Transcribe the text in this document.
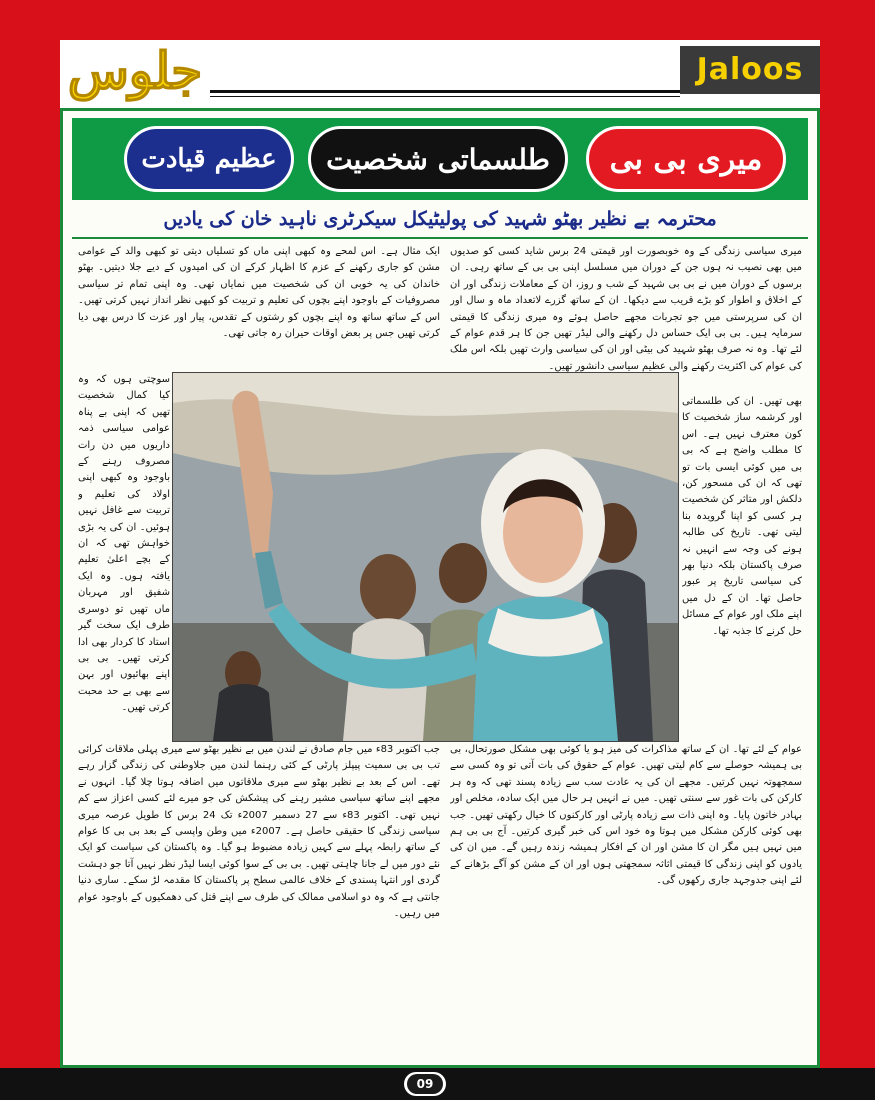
جلوس	Jaloos
عظیم قیادت	طلسماتی شخصیت	میری بی بی
محترمہ بے نظیر بھٹو شہید کی پولیٹیکل سیکرٹری ناہید خان کی یادیں

میری سیاسی زندگی کے وہ خوبصورت اور قیمتی 24 برس شاید کسی کو صدیوں میں بھی نصیب نہ ہوں جن کے دوران میں مسلسل اپنی بی بی کے ساتھ رہی۔ ان برسوں کے دوران میں نے بی بی شہید کے شب و روز، ان کے معاملات زندگی اور ان کے اخلاق و اطوار کو بڑے قریب سے دیکھا۔ ان کے ساتھ گزرے لاتعداد ماہ و سال اور ان کی سرپرستی میں جو تجربات مجھے حاصل ہوئے وہ میری زندگی کا قیمتی سرمایہ ہیں۔ بی بی ایک حساس دل رکھنے والی لیڈر تھیں جن کا ہر قدم عوام کے لئے تھا۔ وہ نہ صرف بھٹو شہید کی بیٹی اور ان کی سیاسی وارث تھیں بلکہ اس ملک کی عوام کی اکثریت رکھنے والی عظیم سیاسی دانشور تھیں۔

ایک مثال ہے۔ اس لمحے وہ کبھی اپنی ماں کو تسلیاں دیتی تو کبھی والد کے عوامی مشن کو جاری رکھنے کے عزم کا اظہار کرکے ان کی امیدوں کے دیے جلا دیتیں۔ بھٹو خاندان کی یہ خوبی ان کی شخصیت میں نمایاں تھی۔ وہ اپنی تمام تر سیاسی مصروفیات کے باوجود اپنے بچوں کی تعلیم و تربیت کو کبھی نظر انداز نہیں کرتی تھیں۔ اس کے ساتھ ساتھ وہ اپنے بچوں کو رشتوں کے تقدس، پیار اور عزت کا درس بھی دیا کرتی تھیں جس پر بعض اوقات حیران رہ جاتی تھی۔

سوچتی ہوں کہ وہ کیا کمال شخصیت تھیں کہ اپنی بے پناہ عوامی سیاسی ذمہ داریوں میں دن رات مصروف رہنے کے باوجود وہ کبھی اپنی اولاد کی تعلیم و تربیت سے غافل نہیں ہوئیں۔ ان کی یہ بڑی خواہش تھی کہ ان کے بچے اعلیٰ تعلیم یافتہ ہوں۔ وہ ایک شفیق اور مہربان ماں تھیں تو دوسری طرف ایک سخت گیر استاد کا کردار بھی ادا کرتی تھیں۔ بی بی اپنے بھائیوں اور بہن سے بھی بے حد محبت کرتی تھیں۔

بھی تھیں۔ ان کی طلسماتی اور کرشمہ ساز شخصیت کا کون معترف نہیں ہے۔ اس کا مطلب واضح ہے کہ بی بی میں کوئی ایسی بات تو تھی کہ ان کی مسحور کن، دلکش اور متاثر کن شخصیت ہر کسی کو اپنا گرویدہ بنا لیتی تھی۔ تاریخ کی طالبہ ہونے کی وجہ سے انہیں نہ صرف پاکستان بلکہ دنیا بھر کی سیاسی تاریخ پر عبور حاصل تھا۔ ان کے دل میں اپنے ملک اور عوام کے مسائل حل کرنے کا جذبہ تھا۔

جب اکتوبر 83ء میں جام صادق نے لندن میں بے نظیر بھٹو سے میری پہلی ملاقات کرائی تب بی بی سمیت پیپلز پارٹی کے کئی رہنما لندن میں جلاوطنی کی زندگی گزار رہے تھے۔ اس کے بعد بے نظیر بھٹو سے میری ملاقاتوں میں اضافہ ہوتا چلا گیا۔ انہوں نے مجھے اپنے ساتھ سیاسی مشیر رہنے کی پیشکش کی جو میرے لئے کسی اعزاز سے کم نہیں تھی۔ اکتوبر 83ء سے 27 دسمبر 2007ء تک 24 برس کا طویل عرصہ میری سیاسی زندگی کا حقیقی حاصل ہے۔ 2007ء میں وطن واپسی کے بعد بی بی کا عوام کے ساتھ رابطہ پہلے سے کہیں زیادہ مضبوط ہو گیا۔ وہ پاکستان کی سیاست کو ایک نئے دور میں لے جانا چاہتی تھیں۔ بی بی کے سوا کوئی ایسا لیڈر نظر نہیں آتا جو دہشت گردی اور انتہا پسندی کے خلاف عالمی سطح پر پاکستان کا مقدمہ لڑ سکے۔ ساری دنیا جانتی ہے کہ وہ دو اسلامی ممالک کی طرف سے اپنے قتل کی دھمکیوں کے باوجود عوام میں رہیں۔

عوام کے لئے تھا۔ ان کے ساتھ مذاکرات کی میز ہو یا کوئی بھی مشکل صورتحال، بی بی ہمیشہ حوصلے سے کام لیتی تھیں۔ عوام کے حقوق کی بات آتی تو وہ کسی سے سمجھوتہ نہیں کرتیں۔ مجھے ان کی یہ عادت سب سے زیادہ پسند تھی کہ وہ ہر کارکن کی بات غور سے سنتی تھیں۔ میں نے انہیں ہر حال میں ایک سادہ، مخلص اور بہادر خاتون پایا۔ وہ اپنی ذات سے زیادہ پارٹی اور کارکنوں کا خیال رکھتی تھیں۔ جب بھی کوئی کارکن مشکل میں ہوتا وہ خود اس کی خبر گیری کرتیں۔ آج بی بی ہم میں نہیں ہیں مگر ان کا مشن اور ان کے افکار ہمیشہ زندہ رہیں گے۔ میں ان کی یادوں کو اپنی زندگی کا قیمتی اثاثہ سمجھتی ہوں اور ان کے مشن کو آگے بڑھانے کے لئے اپنی جدوجہد جاری رکھوں گی۔

09
